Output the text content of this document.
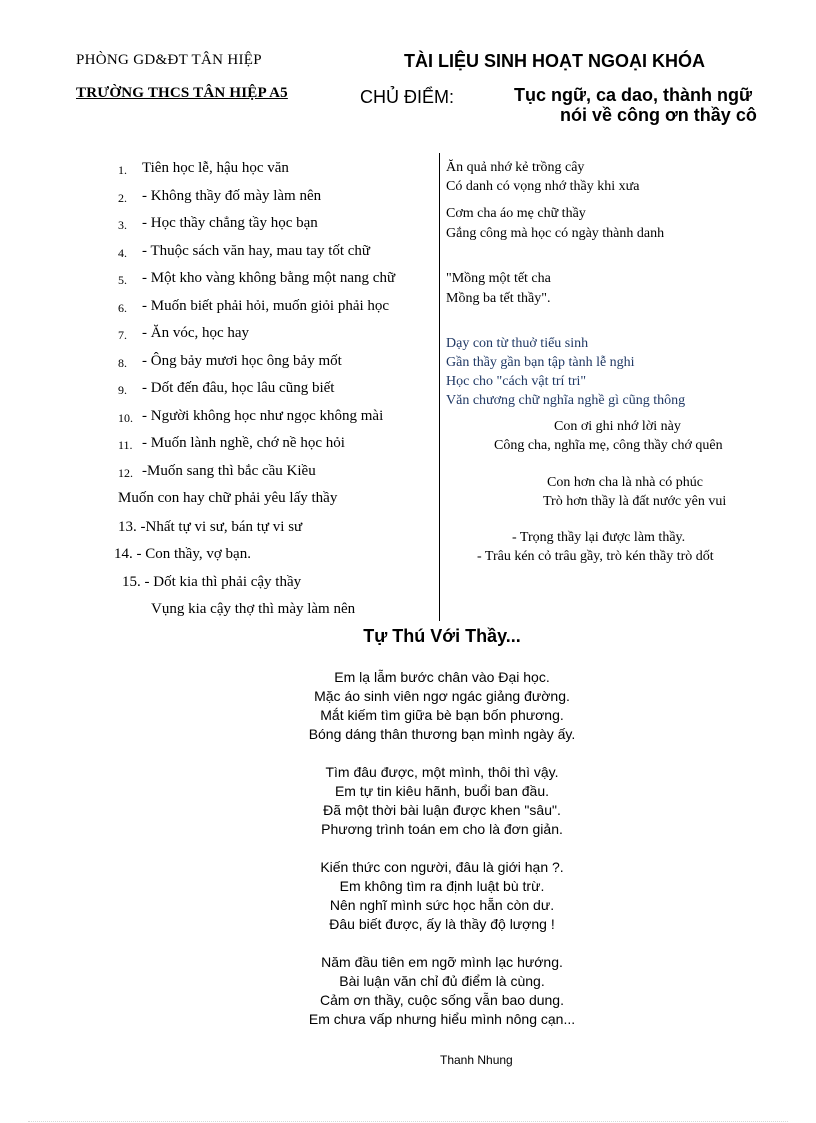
PHÒNG GD&ĐT TÂN HIỆP
TRƯỜNG THCS TÂN HIỆP A5
TÀI LIỆU SINH HOẠT NGOẠI KHÓA
CHỦ ĐIỂM:	Tục ngữ, ca dao, thành ngữ
nói về công ơn thầy cô
1.	Tiên học lễ, hậu học văn
2.	- Không thầy đố mày làm nên
3.	- Học thầy chẳng tầy học bạn
4.	- Thuộc sách văn hay, mau tay tốt chữ
5.	- Một kho vàng không bằng một nang chữ
6.	- Muốn biết phải hỏi, muốn giỏi phải học
7.	- Ăn vóc, học hay
8.	- Ông bảy mươi học ông bảy mốt
9.	- Dốt đến đâu, học lâu cũng biết
10. - Người không học như ngọc không mài
11. - Muốn lành nghề, chớ nề học hỏi
12. -Muốn sang thì bắc cầu Kiều
Muốn con hay chữ phải yêu lấy thầy
13. -Nhất tự vi sư, bán tự vi sư
14. - Con thầy, vợ bạn.
15. - Dốt kia thì phải cậy thầy
Vụng kia cậy thợ thì mày làm nên
Ăn quả nhớ kẻ trồng cây
Có danh có vọng nhớ thầy khi xưa
Cơm cha áo mẹ chữ thầy
Gắng công mà học có ngày thành danh
"Mồng một tết cha
Mồng ba tết thầy".
Dạy con từ thuở tiểu sinh
Gần thầy gần bạn tập tành lễ nghi
Học cho "cách vật trí tri"
Văn chương chữ nghĩa nghề gì cũng thông
Con ơi ghi nhớ lời này
Công cha, nghĩa mẹ, công thầy chớ quên
Con hơn cha là nhà có phúc
Trò hơn thầy là đất nước yên vui
- Trọng thầy lại được làm thầy.
- Trâu kén cỏ trâu gầy, trò kén thầy trò dốt
Tự Thú Với Thầy...
Em lạ lẫm bước chân vào Đại học.
Mặc áo sinh viên ngơ ngác giảng đường.
Mắt kiếm tìm giữa bè bạn bốn phương.
Bóng dáng thân thương bạn mình ngày ấy.
Tìm đâu được, một mình, thôi thì vậy.
Em tự tin kiêu hãnh, buổi ban đầu.
Đã một thời bài luận được khen "sâu".
Phương trình toán em cho là đơn giản.
Kiến thức con người, đâu là giới hạn ?.
Em không tìm ra định luật bù trừ.
Nên nghĩ mình sức học hẵn còn dư.
Đâu biết được, ấy là thầy độ lượng !
Năm đầu tiên em ngỡ mình lạc hướng.
Bài luận văn chỉ đủ điểm là cùng.
Cảm ơn thầy, cuộc sống vẫn bao dung.
Em chưa vấp nhưng hiểu mình nông cạn...
Thanh Nhung
